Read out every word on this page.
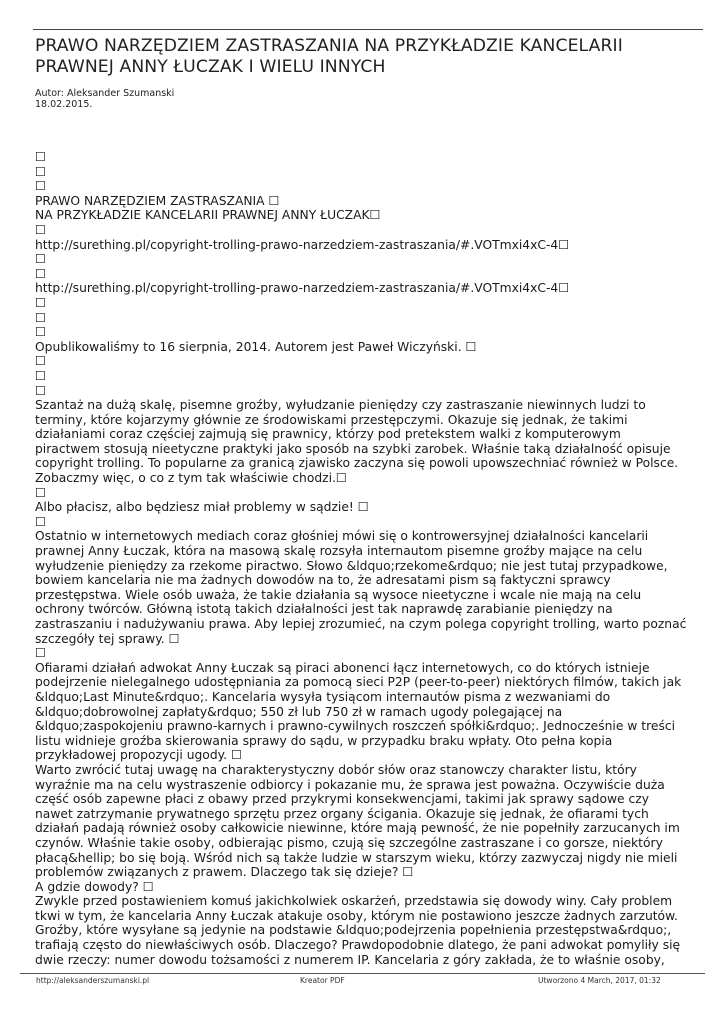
PRAWO NARZĘDZIEM ZASTRASZANIA NA PRZYKŁADZIE KANCELARII
PRAWNEJ ANNY ŁUCZAK I WIELU INNYCH
Autor: Aleksander Szumanski
18.02.2015.
☐
☐
☐
PRAWO NARZĘDZIEM ZASTRASZANIA ☐
NA PRZYKŁADZIE KANCELARII PRAWNEJ ANNY ŁUCZAK☐
☐
http://surething.pl/copyright-trolling-prawo-narzedziem-zastraszania/#.VOTmxi4xC-4☐
☐
☐
http://surething.pl/copyright-trolling-prawo-narzedziem-zastraszania/#.VOTmxi4xC-4☐
☐
☐
☐
Opublikowaliśmy to 16 sierpnia, 2014. Autorem jest Paweł Wiczyński. ☐
☐
☐
☐
Szantaż na dużą skalę, pisemne groźby, wyłudzanie pieniędzy czy zastraszanie niewinnych ludzi to
terminy, które kojarzymy głównie ze środowiskami przestępczymi. Okazuje się jednak, że takimi
działaniami coraz częściej zajmują się prawnicy, którzy pod pretekstem walki z komputerowym
piractwem stosują nieetyczne praktyki jako sposób na szybki zarobek. Właśnie taką działalność opisuje
copyright trolling. To popularne za granicą zjawisko zaczyna się powoli upowszechniać również w Polsce.
Zobaczmy więc, o co z tym tak właściwie chodzi.☐
☐
Albo płacisz, albo będziesz miał problemy w sądzie! ☐
☐
Ostatnio w internetowych mediach coraz głośniej mówi się o kontrowersyjnej działalności kancelarii
prawnej Anny Łuczak, która na masową skalę rozsyła internautom pisemne groźby mające na celu
wyłudzenie pieniędzy za rzekome piractwo. Słowo &ldquo;rzekome&rdquo; nie jest tutaj przypadkowe,
bowiem kancelaria nie ma żadnych dowodów na to, że adresatami pism są faktyczni sprawcy
przestępstwa. Wiele osób uważa, że takie działania są wysoce nieetyczne i wcale nie mają na celu
ochrony twórców. Główną istotą takich działalności jest tak naprawdę zarabianie pieniędzy na
zastraszaniu i nadużywaniu prawa. Aby lepiej zrozumieć, na czym polega copyright trolling, warto poznać
szczegóły tej sprawy. ☐
☐
Ofiarami działań adwokat Anny Łuczak są piraci abonenci łącz internetowych, co do których istnieje
podejrzenie nielegalnego udostępniania za pomocą sieci P2P (peer-to-peer) niektórych filmów, takich jak
&ldquo;Last Minute&rdquo;. Kancelaria wysyła tysiącom internautów pisma z wezwaniami do
&ldquo;dobrowolnej zapłaty&rdquo; 550 zł lub 750 zł w ramach ugody polegającej na
&ldquo;zaspokojeniu prawno-karnych i prawno-cywilnych roszczeń spółki&rdquo;. Jednocześnie w treści
listu widnieje groźba skierowania sprawy do sądu, w przypadku braku wpłaty. Oto pełna kopia
przykładowej propozycji ugody. ☐
Warto zwrócić tutaj uwagę na charakterystyczny dobór słów oraz stanowczy charakter listu, który
wyraźnie ma na celu wystraszenie odbiorcy i pokazanie mu, że sprawa jest poważna. Oczywiście duża
część osób zapewne płaci z obawy przed przykrymi konsekwencjami, takimi jak sprawy sądowe czy
nawet zatrzymanie prywatnego sprzętu przez organy ścigania. Okazuje się jednak, że ofiarami tych
działań padają również osoby całkowicie niewinne, które mają pewność, że nie popełniły zarzucanych im
czynów. Właśnie takie osoby, odbierając pismo, czują się szczególne zastraszane i co gorsze, niektóry
płacą&hellip; bo się boją. Wśród nich są także ludzie w starszym wieku, którzy zazwyczaj nigdy nie mieli
problemów związanych z prawem. Dlaczego tak się dzieje? ☐
A gdzie dowody? ☐
Zwykle przed postawieniem komuś jakichkolwiek oskarżeń, przedstawia się dowody winy. Cały problem
tkwi w tym, że kancelaria Anny Łuczak atakuje osoby, którym nie postawiono jeszcze żadnych zarzutów.
Groźby, które wysyłane są jedynie na podstawie &ldquo;podejrzenia popełnienia przestępstwa&rdquo;,
trafiają często do niewłaściwych osób. Dlaczego? Prawdopodobnie dlatego, że pani adwokat pomyliły się
dwie rzeczy: numer dowodu tożsamości z numerem IP. Kancelaria z góry zakłada, że to właśnie osoby,
http://aleksanderszumanski.pl	Kreator PDF	Utworzono 4 March, 2017, 01:32
